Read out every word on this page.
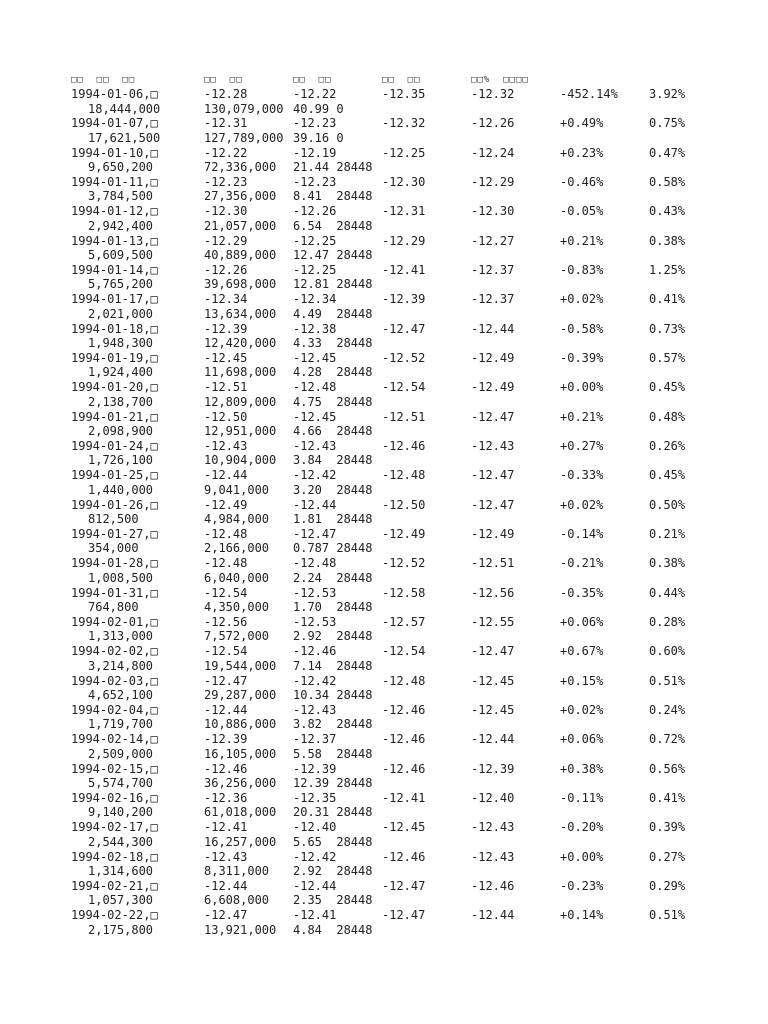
□□  □□  □□	□□  □□	□□  □□	□□  □□	□□%  □□□□
1994-01-06,□	-12.28	-12.22	-12.35	-12.32	-452.14%	3.92%
18,444,000	130,079,000 40.99 0
1994-01-07,□	-12.31	-12.23	-12.32	-12.26	+0.49%	0.75%
17,621,500	127,789,000 39.16 0
1994-01-10,□	-12.22	-12.19	-12.25	-12.24	+0.23%	0.47%
9,650,200	72,336,000 21.44 28448
1994-01-11,□	-12.23	-12.23	-12.30	-12.29	-0.46%	0.58%
3,784,500	27,356,000 8.41  28448
1994-01-12,□	-12.30	-12.26	-12.31	-12.30	-0.05%	0.43%
2,942,400	21,057,000 6.54  28448
1994-01-13,□	-12.29	-12.25	-12.29	-12.27	+0.21%	0.38%
5,609,500	40,889,000 12.47 28448
1994-01-14,□	-12.26	-12.25	-12.41	-12.37	-0.83%	1.25%
5,765,200	39,698,000 12.81 28448
1994-01-17,□	-12.34	-12.34	-12.39	-12.37	+0.02%	0.41%
2,021,000	13,634,000 4.49  28448
1994-01-18,□	-12.39	-12.38	-12.47	-12.44	-0.58%	0.73%
1,948,300	12,420,000 4.33  28448
1994-01-19,□	-12.45	-12.45	-12.52	-12.49	-0.39%	0.57%
1,924,400	11,698,000 4.28  28448
1994-01-20,□	-12.51	-12.48	-12.54	-12.49	+0.00%	0.45%
2,138,700	12,809,000 4.75  28448
1994-01-21,□	-12.50	-12.45	-12.51	-12.47	+0.21%	0.48%
2,098,900	12,951,000 4.66  28448
1994-01-24,□	-12.43	-12.43	-12.46	-12.43	+0.27%	0.26%
1,726,100	10,904,000 3.84  28448
1994-01-25,□	-12.44	-12.42	-12.48	-12.47	-0.33%	0.45%
1,440,000	9,041,000 3.20  28448
1994-01-26,□	-12.49	-12.44	-12.50	-12.47	+0.02%	0.50%
812,500	4,984,000 1.81  28448
1994-01-27,□	-12.48	-12.47	-12.49	-12.49	-0.14%	0.21%
354,000	2,166,000 0.787 28448
1994-01-28,□	-12.48	-12.48	-12.52	-12.51	-0.21%	0.38%
1,008,500	6,040,000 2.24  28448
1994-01-31,□	-12.54	-12.53	-12.58	-12.56	-0.35%	0.44%
764,800	4,350,000 1.70  28448
1994-02-01,□	-12.56	-12.53	-12.57	-12.55	+0.06%	0.28%
1,313,000	7,572,000 2.92  28448
1994-02-02,□	-12.54	-12.46	-12.54	-12.47	+0.67%	0.60%
3,214,800	19,544,000 7.14  28448
1994-02-03,□	-12.47	-12.42	-12.48	-12.45	+0.15%	0.51%
4,652,100	29,287,000 10.34 28448
1994-02-04,□	-12.44	-12.43	-12.46	-12.45	+0.02%	0.24%
1,719,700	10,886,000 3.82  28448
1994-02-14,□	-12.39	-12.37	-12.46	-12.44	+0.06%	0.72%
2,509,000	16,105,000 5.58  28448
1994-02-15,□	-12.46	-12.39	-12.46	-12.39	+0.38%	0.56%
5,574,700	36,256,000 12.39 28448
1994-02-16,□	-12.36	-12.35	-12.41	-12.40	-0.11%	0.41%
9,140,200	61,018,000 20.31 28448
1994-02-17,□	-12.41	-12.40	-12.45	-12.43	-0.20%	0.39%
2,544,300	16,257,000 5.65  28448
1994-02-18,□	-12.43	-12.42	-12.46	-12.43	+0.00%	0.27%
1,314,600	8,311,000 2.92  28448
1994-02-21,□	-12.44	-12.44	-12.47	-12.46	-0.23%	0.29%
1,057,300	6,608,000 2.35  28448
1994-02-22,□	-12.47	-12.41	-12.47	-12.44	+0.14%	0.51%
2,175,800	13,921,000 4.84  28448
